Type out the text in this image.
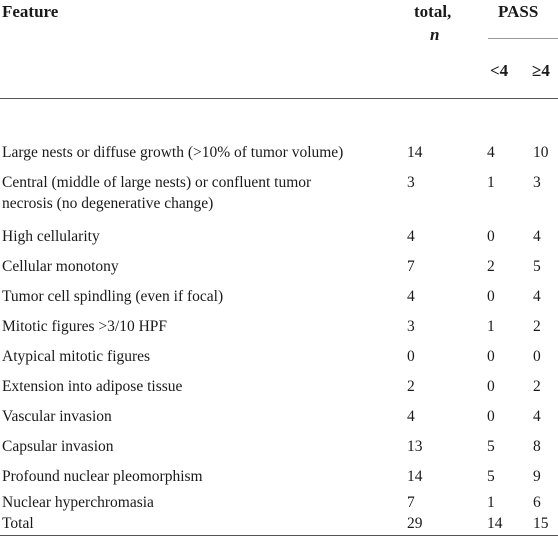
Feature	total,
n
PASS
<4 ≥4
Large nests or diffuse growth (>10% of tumor volume)	14	4 10
Central (middle of large nests) or confluent tumor
necrosis (no degenerative change)
3	1 3
High cellularity	4	0 4
Cellular monotony	7	2 5
Tumor cell spindling (even if focal)	4	0 4
Mitotic figures >3/10 HPF	3	1 2
Atypical mitotic figures	0	0 0
Extension into adipose tissue	2	0 2
Vascular invasion	4	0 4
Capsular invasion	13	5 8
Profound nuclear pleomorphism	14	5 9
Nuclear hyperchromasia	7	1 6
Total	29	14 15
